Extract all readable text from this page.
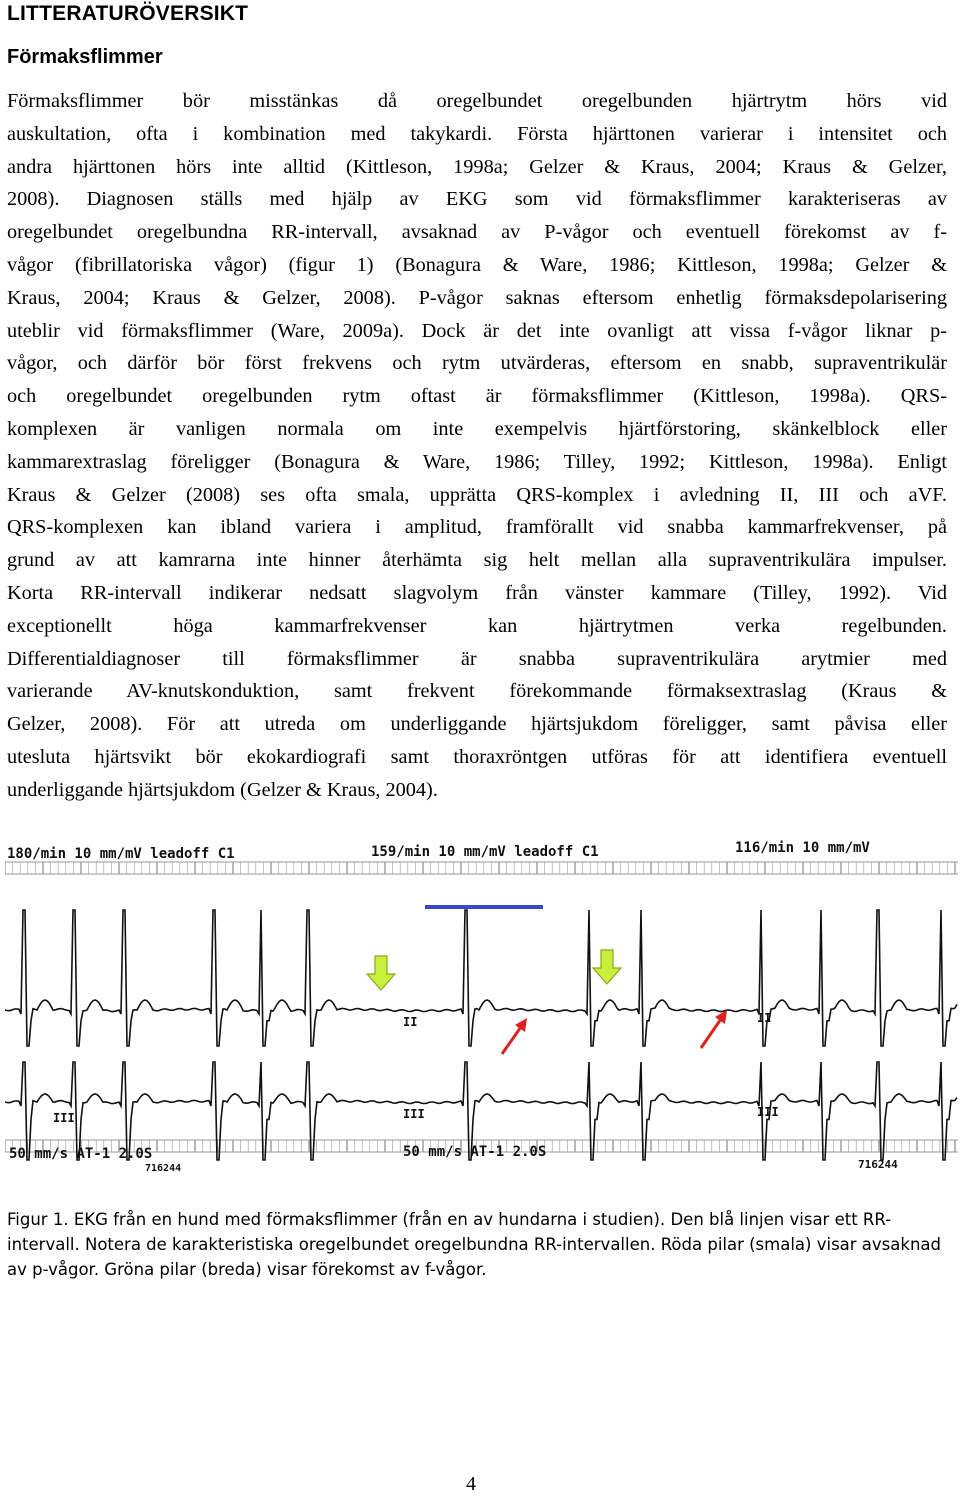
LITTERATURÖVERSIKT
Förmaksflimmer
Förmaksflimmer bör misstänkas då oregelbundet oregelbunden hjärtrytm hörs vid
auskultation, ofta i kombination med takykardi. Första hjärttonen varierar i intensitet och
andra hjärttonen hörs inte alltid (Kittleson, 1998a; Gelzer & Kraus, 2004; Kraus & Gelzer,
2008). Diagnosen ställs med hjälp av EKG som vid förmaksflimmer karakteriseras av
oregelbundet oregelbundna RR-intervall, avsaknad av P-vågor och eventuell förekomst av f-
vågor (fibrillatoriska vågor) (figur 1) (Bonagura & Ware, 1986; Kittleson, 1998a; Gelzer &
Kraus, 2004; Kraus & Gelzer, 2008). P-vågor saknas eftersom enhetlig förmaksdepolarisering
uteblir vid förmaksflimmer (Ware, 2009a). Dock är det inte ovanligt att vissa f-vågor liknar p-
vågor, och därför bör först frekvens och rytm utvärderas, eftersom en snabb, supraventrikulär
och oregelbundet oregelbunden rytm oftast är förmaksflimmer (Kittleson, 1998a). QRS-
komplexen är vanligen normala om inte exempelvis hjärtförstoring, skänkelblock eller
kammarextraslag föreligger (Bonagura & Ware, 1986; Tilley, 1992; Kittleson, 1998a). Enligt
Kraus & Gelzer (2008) ses ofta smala, upprätta QRS-komplex i avledning II, III och aVF.
QRS-komplexen kan ibland variera i amplitud, framförallt vid snabba kammarfrekvenser, på
grund av att kamrarna inte hinner återhämta sig helt mellan alla supraventrikulära impulser.
Korta RR-intervall indikerar nedsatt slagvolym från vänster kammare (Tilley, 1992). Vid
exceptionellt höga kammarfrekvenser kan hjärtrytmen verka regelbunden.
Differentialdiagnoser till förmaksflimmer är snabba supraventrikulära arytmier med
varierande AV-knutskonduktion, samt frekvent förekommande förmaksextraslag (Kraus &
Gelzer, 2008). För att utreda om underliggande hjärtsjukdom föreligger, samt påvisa eller
utesluta hjärtsvikt bör ekokardiografi samt thoraxröntgen utföras för att identifiera eventuell
underliggande hjärtsjukdom (Gelzer & Kraus, 2004).
180/min 10 mm/mV leadoff C1	159/min 10 mm/mV leadoff C1	116/min 10 mm/mV
II	II
III	III	III
50 mm/s AT-1 2.0S	50 mm/s AT-1 2.0S
716244	716244
Figur 1. EKG från en hund med förmaksflimmer (från en av hundarna i studien). Den blå linjen visar ett RR-intervall. Notera de karakteristiska oregelbundet oregelbundna RR-intervallen. Röda pilar (smala) visar avsaknad av p-vågor. Gröna pilar (breda) visar förekomst av f-vågor.
4
